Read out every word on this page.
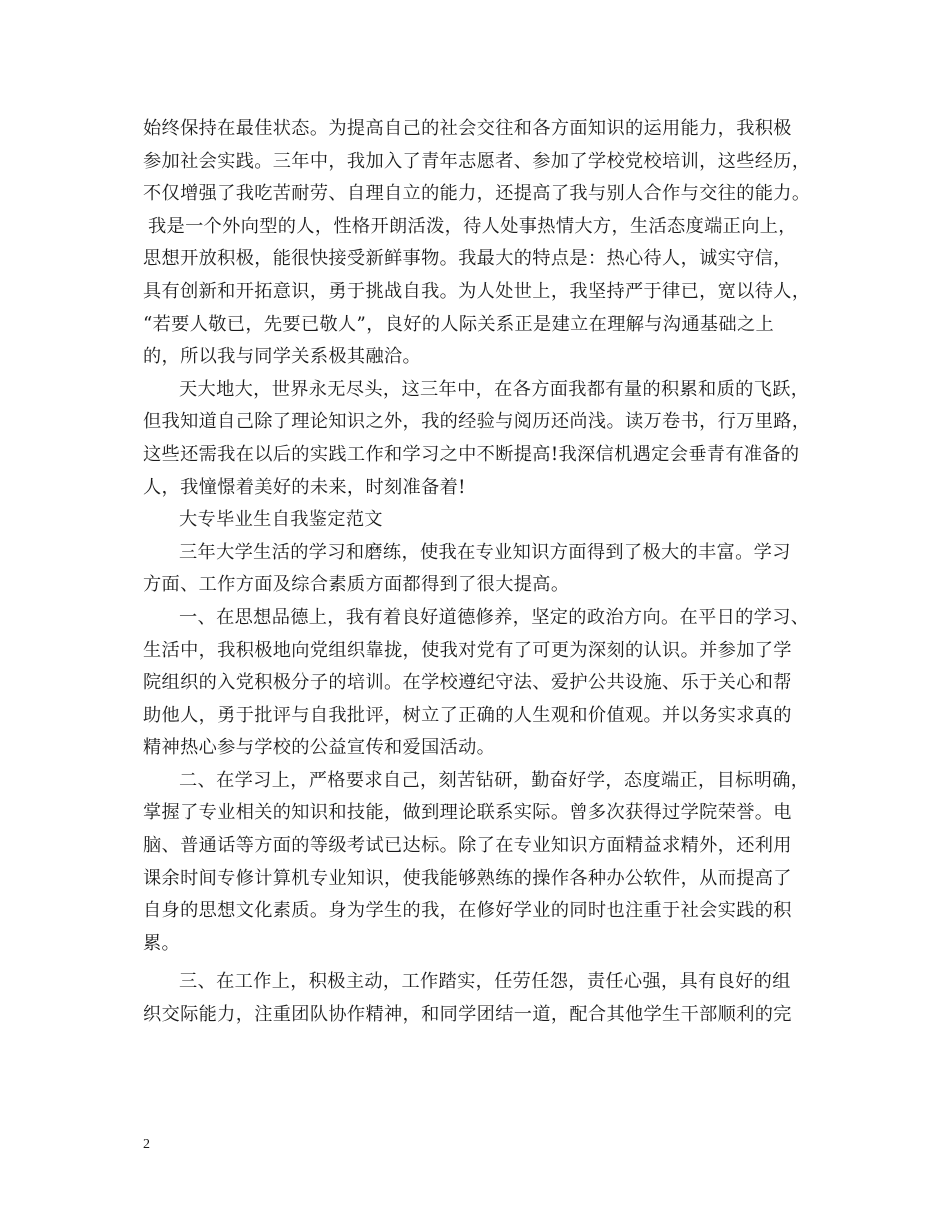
始终保持在最佳状态。为提高自己的社会交往和各方面知识的运用能力，我积极
参加社会实践。三年中，我加入了青年志愿者、参加了学校党校培训，这些经历，
不仅增强了我吃苦耐劳、自理自立的能力，还提高了我与别人合作与交往的能力。
我是一个外向型的人，性格开朗活泼，待人处事热情大方，生活态度端正向上，
思想开放积极，能很快接受新鲜事物。我最大的特点是：热心待人，诚实守信，
具有创新和开拓意识，勇于挑战自我。为人处世上，我坚持严于律已，宽以待人，
“若要人敬已，先要已敬人”，良好的人际关系正是建立在理解与沟通基础之上
的，所以我与同学关系极其融洽。
天大地大，世界永无尽头，这三年中，在各方面我都有量的积累和质的飞跃，
但我知道自己除了理论知识之外，我的经验与阅历还尚浅。读万卷书，行万里路，
这些还需我在以后的实践工作和学习之中不断提高!我深信机遇定会垂青有准备的
人，我憧憬着美好的未来，时刻准备着!
大专毕业生自我鉴定范文
三年大学生活的学习和磨练，使我在专业知识方面得到了极大的丰富。学习
方面、工作方面及综合素质方面都得到了很大提高。
一、在思想品德上，我有着良好道德修养，坚定的政治方向。在平日的学习、
生活中，我积极地向党组织靠拢，使我对党有了可更为深刻的认识。并参加了学
院组织的入党积极分子的培训。在学校遵纪守法、爱护公共设施、乐于关心和帮
助他人，勇于批评与自我批评，树立了正确的人生观和价值观。并以务实求真的
精神热心参与学校的公益宣传和爱国活动。
二、在学习上，严格要求自己，刻苦钻研，勤奋好学，态度端正，目标明确，
掌握了专业相关的知识和技能，做到理论联系实际。曾多次获得过学院荣誉。电
脑、普通话等方面的等级考试已达标。除了在专业知识方面精益求精外，还利用
课余时间专修计算机专业知识，使我能够熟练的操作各种办公软件，从而提高了
自身的思想文化素质。身为学生的我，在修好学业的同时也注重于社会实践的积
累。
三、在工作上，积极主动，工作踏实，任劳任怨，责任心强，具有良好的组
织交际能力，注重团队协作精神，和同学团结一道，配合其他学生干部顺利的完
2
